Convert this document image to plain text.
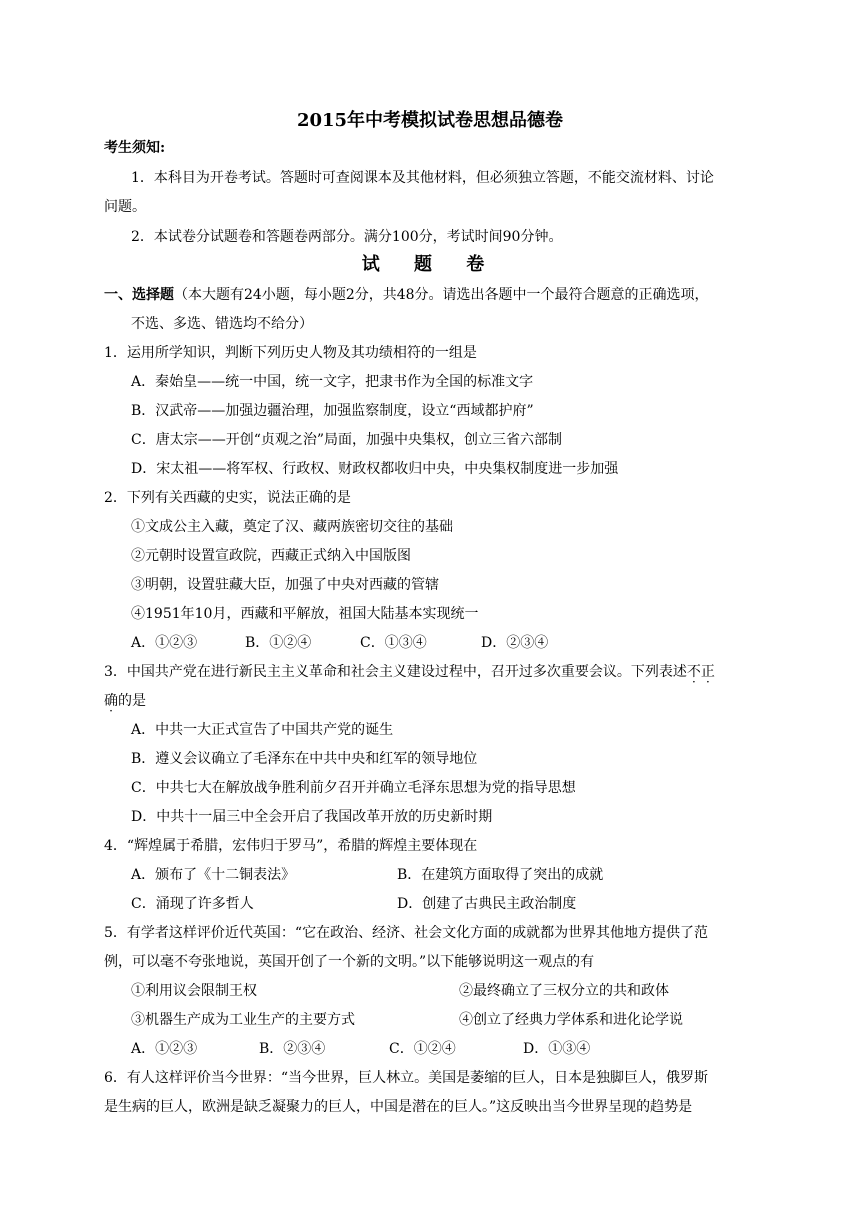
2015年中考模拟试卷思想品德卷
考生须知:
1．本科目为开卷考试。答题时可查阅课本及其他材料，但必须独立答题，不能交流材料、讨论
问题。
2．本试卷分试题卷和答题卷两部分。满分100分，考试时间90分钟。
试 题 卷
一、选择题（本大题有24小题，每小题2分，共48分。请选出各题中一个最符合题意的正确选项，
不选、多选、错选均不给分）
1．运用所学知识，判断下列历史人物及其功绩相符的一组是
A．秦始皇——统一中国，统一文字，把隶书作为全国的标准文字
B．汉武帝——加强边疆治理，加强监察制度，设立“西域都护府”
C．唐太宗——开创“贞观之治”局面，加强中央集权，创立三省六部制
D．宋太祖——将军权、行政权、财政权都收归中央，中央集权制度进一步加强
2．下列有关西藏的史实，说法正确的是
①文成公主入藏，奠定了汉、藏两族密切交往的基础
②元朝时设置宣政院，西藏正式纳入中国版图
③明朝，设置驻藏大臣，加强了中央对西藏的管辖
④1951年10月，西藏和平解放，祖国大陆基本实现统一
A．①②③	B．①②④	C．①③④	D．②③④
3．中国共产党在进行新民主主义革命和社会主义建设过程中，召开过多次重要会议。下列表述不正
确的是
A．中共一大正式宣告了中国共产党的诞生
B．遵义会议确立了毛泽东在中共中央和红军的领导地位
C．中共七大在解放战争胜利前夕召开并确立毛泽东思想为党的指导思想
D．中共十一届三中全会开启了我国改革开放的历史新时期
4．“辉煌属于希腊，宏伟归于罗马”，希腊的辉煌主要体现在
A．颁布了《十二铜表法》	B．在建筑方面取得了突出的成就
C．涌现了许多哲人	D．创建了古典民主政治制度
5．有学者这样评价近代英国：“它在政治、经济、社会文化方面的成就都为世界其他地方提供了范
例，可以毫不夸张地说，英国开创了一个新的文明。”以下能够说明这一观点的有
①利用议会限制王权	②最终确立了三权分立的共和政体
③机器生产成为工业生产的主要方式	④创立了经典力学体系和进化论学说
A．①②③	B．②③④	C．①②④	D．①③④
6．有人这样评价当今世界：“当今世界，巨人林立。美国是萎缩的巨人，日本是独脚巨人，俄罗斯
是生病的巨人，欧洲是缺乏凝聚力的巨人，中国是潜在的巨人。”这反映出当今世界呈现的趋势是
